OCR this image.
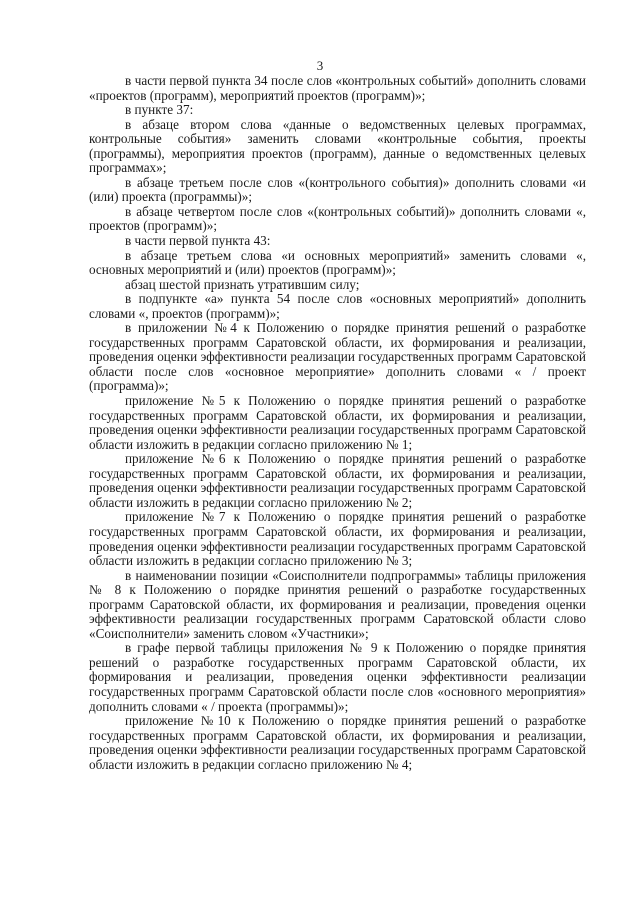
3

в части первой пункта 34 после слов «контрольных событий» дополнить словами «проектов (программ), мероприятий проектов (программ)»;

в пункте 37:

в абзаце втором слова «данные о ведомственных целевых программах, контрольные события» заменить словами «контрольные события, проекты (программы), мероприятия проектов (программ), данные о ведомственных целевых программах»;

в абзаце третьем после слов «(контрольного события)» дополнить словами «и (или) проекта (программы)»;

в абзаце четвертом после слов «(контрольных событий)» дополнить словами «, проектов (программ)»;

в части первой пункта 43:

в абзаце третьем слова «и основных мероприятий» заменить словами «, основных мероприятий и (или) проектов (программ)»;

абзац шестой признать утратившим силу;

в подпункте «а» пункта 54 после слов «основных мероприятий» дополнить словами «, проектов (программ)»;

в приложении №4 к Положению о порядке принятия решений о разработке государственных программ Саратовской области, их формирования и реализации, проведения оценки эффективности реализации государственных программ Саратовской области после слов «основное мероприятие» дополнить словами « / проект (программа)»;

приложение №5 к Положению о порядке принятия решений о разработке государственных программ Саратовской области, их формирования и реализации, проведения оценки эффективности реализации государственных программ Саратовской области изложить в редакции согласно приложению № 1;

приложение №6 к Положению о порядке принятия решений о разработке государственных программ Саратовской области, их формирования и реализации, проведения оценки эффективности реализации государственных программ Саратовской области изложить в редакции согласно приложению № 2;

приложение №7 к Положению о порядке принятия решений о разработке государственных программ Саратовской области, их формирования и реализации, проведения оценки эффективности реализации государственных программ Саратовской области изложить в редакции согласно приложению № 3;

в наименовании позиции «Соисполнители подпрограммы» таблицы приложения № 8 к Положению о порядке принятия решений о разработке государственных программ Саратовской области, их формирования и реализации, проведения оценки эффективности реализации государственных программ Саратовской области слово «Соисполнители» заменить словом «Участники»;

в графе первой таблицы приложения № 9 к Положению о порядке принятия решений о разработке государственных программ Саратовской области, их формирования и реализации, проведения оценки эффективности реализации государственных программ Саратовской области после слов «основного мероприятия» дополнить словами « / проекта (программы)»;

приложение №10 к Положению о порядке принятия решений о разработке государственных программ Саратовской области, их формирования и реализации, проведения оценки эффективности реализации государственных программ Саратовской области изложить в редакции согласно приложению № 4;
